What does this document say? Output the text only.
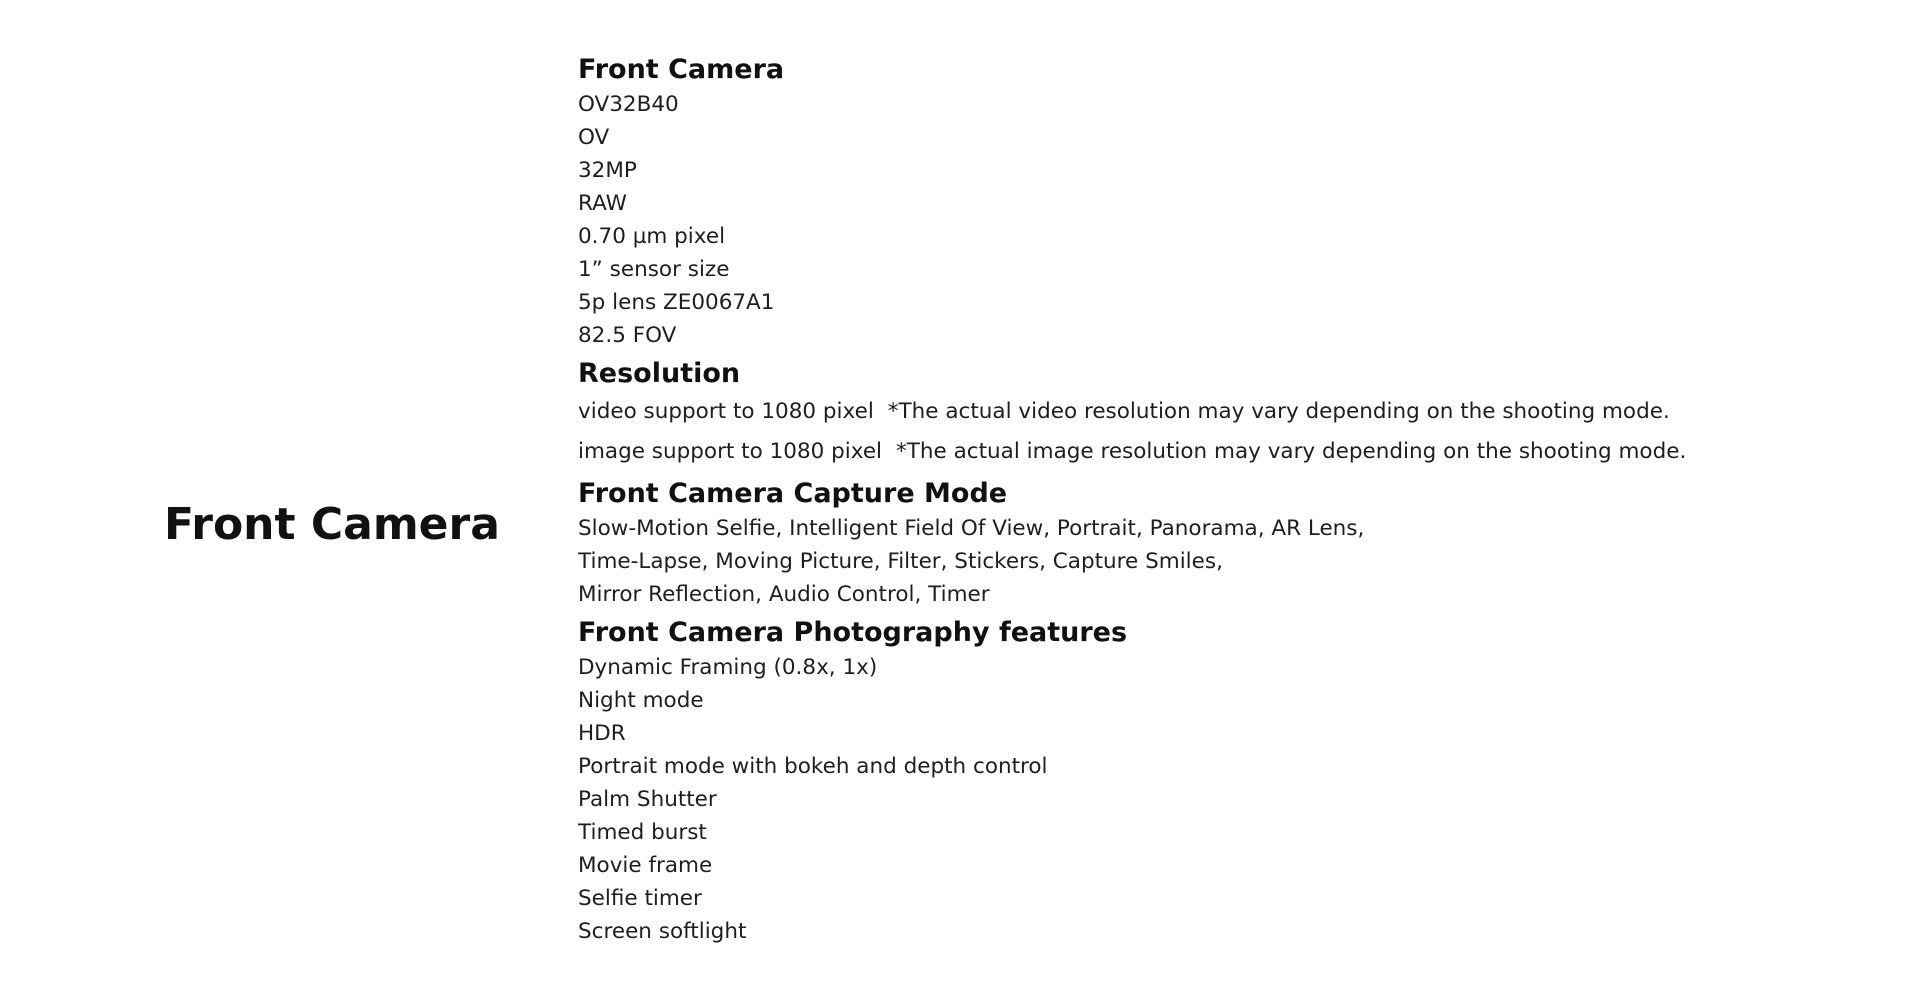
Front Camera
Front Camera
OV32B40
OV
32MP
RAW
0.70 µm pixel
1” sensor size
5p lens ZE0067A1
82.5 FOV
Resolution
video support to 1080 pixel *The actual video resolution may vary depending on the shooting mode.
image support to 1080 pixel *The actual image resolution may vary depending on the shooting mode.
Front Camera Capture Mode
Slow-Motion Selfie, Intelligent Field Of View, Portrait, Panorama, AR Lens,
Time-Lapse, Moving Picture, Filter, Stickers, Capture Smiles,
Mirror Reflection, Audio Control, Timer
Front Camera Photography features
Dynamic Framing (0.8x, 1x)
Night mode
HDR
Portrait mode with bokeh and depth control
Palm Shutter
Timed burst
Movie frame
Selfie timer
Screen softlight
